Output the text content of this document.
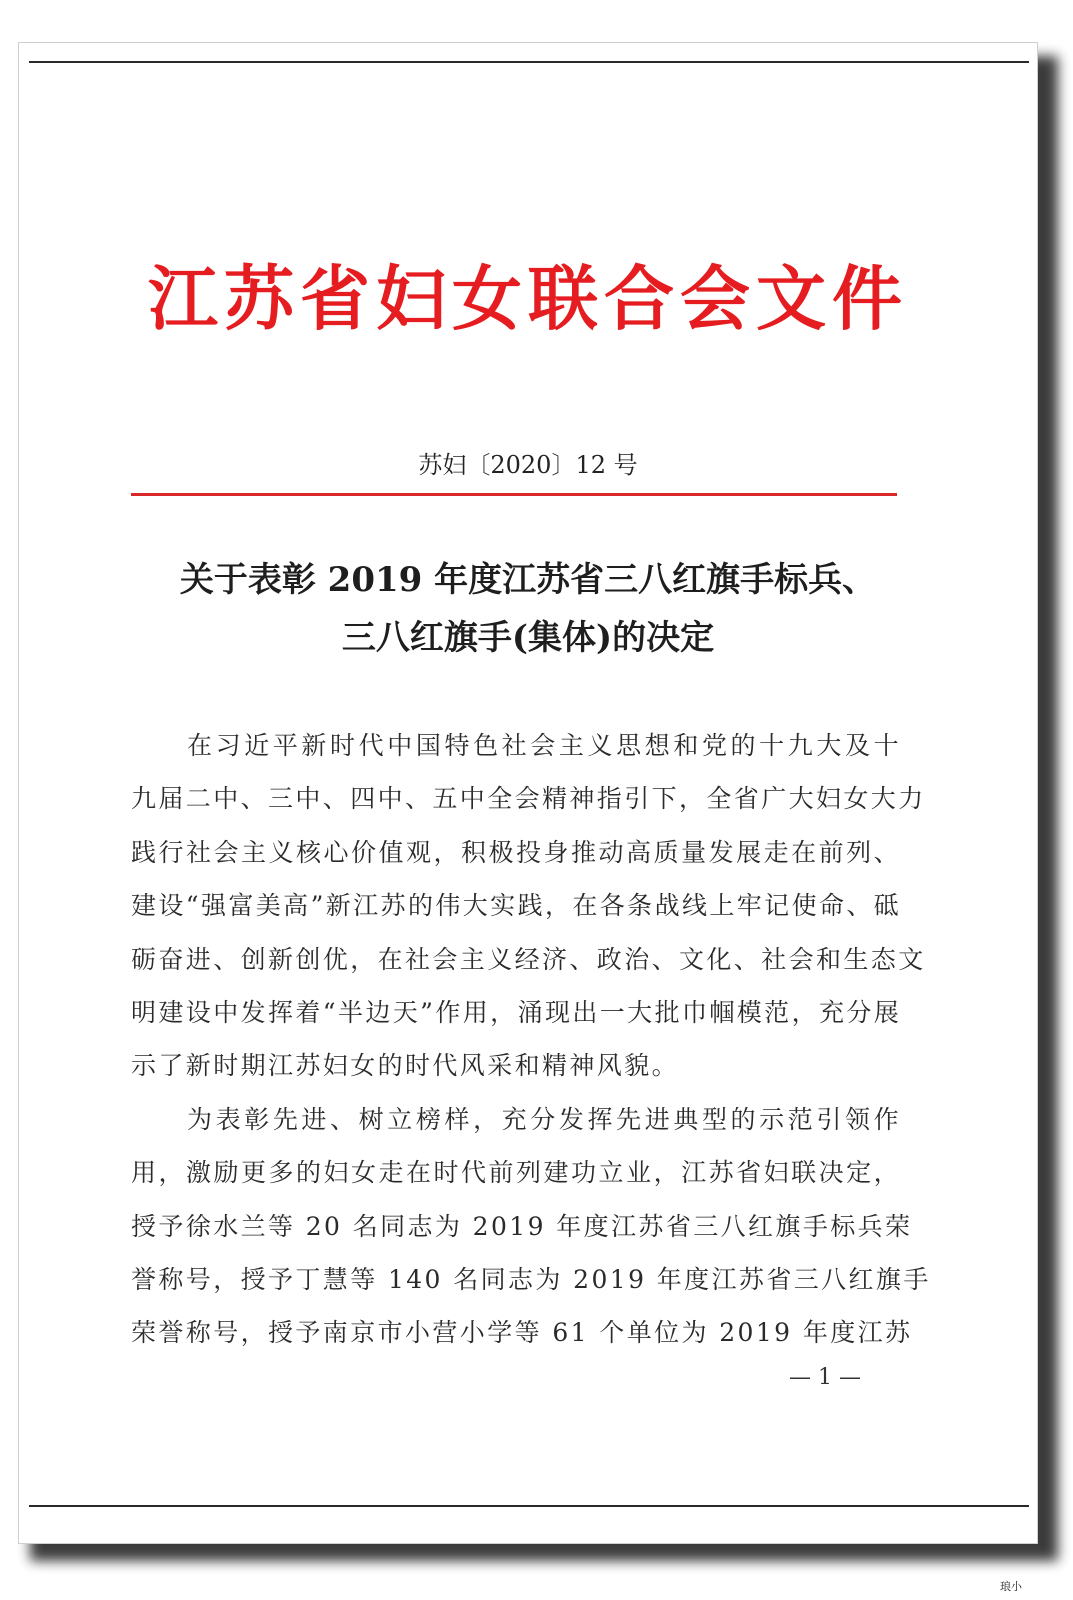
江苏省妇女联合会文件
苏妇〔2020〕12 号
关于表彰 2019 年度江苏省三八红旗手标兵、
三八红旗手(集体)的决定
在习近平新时代中国特色社会主义思想和党的十九大及十
九届二中、三中、四中、五中全会精神指引下，全省广大妇女大力
践行社会主义核心价值观，积极投身推动高质量发展走在前列、
建设“强富美高”新江苏的伟大实践，在各条战线上牢记使命、砥
砺奋进、创新创优，在社会主义经济、政治、文化、社会和生态文
明建设中发挥着“半边天”作用，涌现出一大批巾帼模范，充分展
示了新时期江苏妇女的时代风采和精神风貌。
为表彰先进、树立榜样，充分发挥先进典型的示范引领作
用，激励更多的妇女走在时代前列建功立业，江苏省妇联决定，
授予徐水兰等 20 名同志为 2019 年度江苏省三八红旗手标兵荣
誉称号，授予丁慧等 140 名同志为 2019 年度江苏省三八红旗手
荣誉称号，授予南京市小营小学等 61 个单位为 2019 年度江苏
— 1 —
琅小
